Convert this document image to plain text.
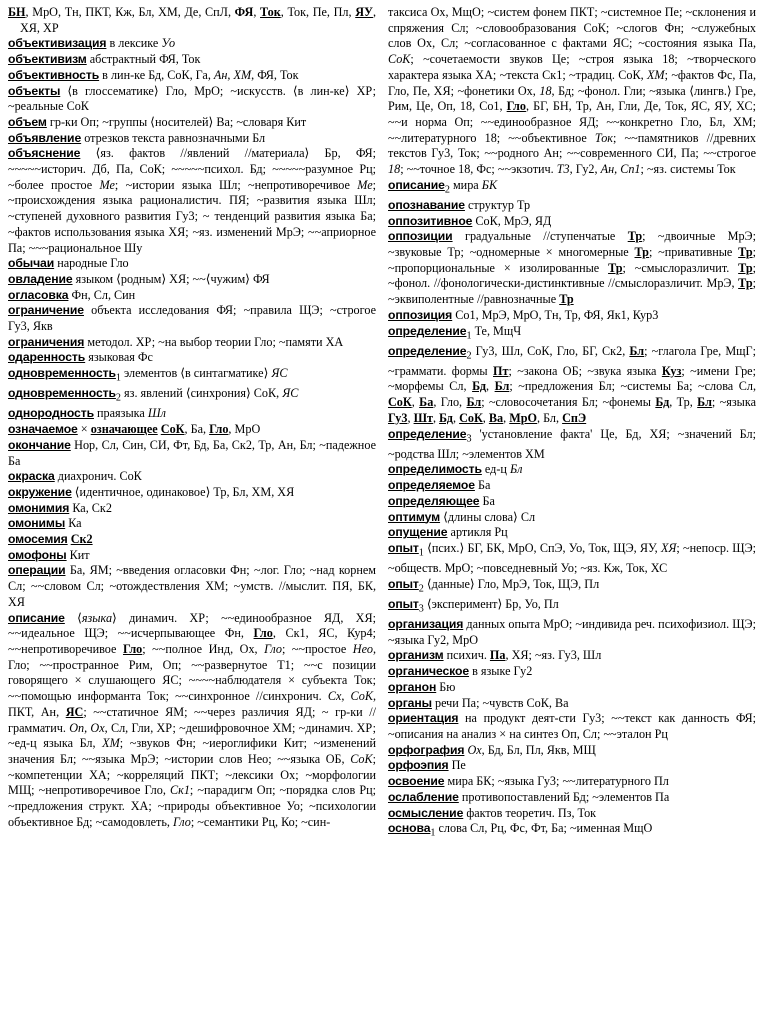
БН, МрО, Тн, ПКТ, Кж, Бл, ХМ, Де, СпЛ, ФЯ, Ток, Ток, Пе, Пл, ЯУ, ХЯ, ХР

объективизация в лексике Уо

объективизм абстрактный ФЯ, Ток

объективность в лин-ке Бд, СоК, Га, Ан, ХМ, ФЯ, Ток

объекты ⟨в глоссематике⟩ Гло, МрО; ~искусств. ⟨в лин-ке⟩ ХР; ~реальные СоК

объем гр-ки Оп; ~группы ⟨носителей⟩ Ва; ~словаря Кит

объявление отрезков текста равнозначными Бл

объяснение ⟨яз. фактов //явлений //материала⟩ Бр, ФЯ; ~~~~~историч. Дб, Па, СоК; ~~~~~психол. Бд; ~~~~~разумное Рц; ~более простое Ме; ~истории языка Шл; ~непротиворечивое Ме; ~происхождения языка рационалистич. ПЯ; ~развития языка Шл; ~ступеней духовного развития Гу3; ~ тенденций развития языка Ба; ~фактов использования языка ХЯ; ~яз. изменений МрЭ; ~~априорное Па; ~~~рациональное Шу

обычаи народные Гло

овладение языком ⟨родным⟩ ХЯ; ~~⟨чужим⟩ ФЯ

огласовка Фн, Сл, Син

ограничение объекта исследования ФЯ; ~правила ЩЭ; ~строгое Гу3, Якв

ограничения методол. ХР; ~на выбор теории Гло; ~памяти ХА

одаренность языковая Фс

одновременность$_1$ элементов ⟨в синтагматике⟩ ЯС

одновременность$_2$ яз. явлений ⟨синхрония⟩ СоК, ЯС

однородность праязыка Шл

означаемое × означающее СоК, Ба, Гло, МрО

окончание Нор, Сл, Син, СИ, Фт, Бд, Ба, Ск2, Тр, Ан, Бл; ~падежное Ба

окраска диахронич. СоК

окружение ⟨идентичное, одинаковое⟩ Тр, Бл, ХМ, ХЯ

омонимия Ка, Ск2

омонимы Ка

омосемия Ск2

омофоны Кит

операции Ба, ЯМ; ~введения огласовки Фн; ~лог. Гло; ~над корнем Сл; ~~словом Сл; ~отождествления ХМ; ~умств. //мыслит. ПЯ, БК, ХЯ

описание ⟨языка⟩ динамич. ХР; ~~единообразное ЯД, ХЯ; ~~идеальное ЩЭ; ~~исчерпывающее Фн, Гло, Ск1, ЯС, Кур4; ~~непротиворечивое Гло; ~~полное Инд, Ох, Гло; ~~простое Нео, Гло; ~~пространное Рим, Оп; ~~развернутое Т1; ~~с позиции говорящего × слушающего ЯС; ~~~~наблюдателя × субъекта Ток; ~~помощью информанта Ток; ~~синхронное //синхронич. Сх, СоК, ПКТ, Ан, ЯС; ~~статичное ЯМ; ~~через различия ЯД; ~ гр-ки //грамматич. Оп, Ох, Сл, Гли, ХР; ~дешифровочное ХМ; ~динамич. ХР; ~ед-ц языка Бл, ХМ; ~звуков Фн; ~иероглифики Кит; ~изменений значения Бл; ~~языка МрЭ; ~истории слов Нео; ~~языка ОБ, СоК; ~компетенции ХА; ~корреляций ПКТ; ~лексики Ох; ~морфологии МЩ; ~непротиворечивое Гло, Ск1; ~парадигм Оп; ~порядка слов Рц; ~предложения структ. ХА; ~природы объективное Уо; ~психологии объективное Бд; ~самодовлеть, Гло; ~семантики Рц, Ко; ~син-

таксиса Ох, МщО; ~систем фонем ПКТ; ~системное Пе; ~склонения и спряжения Сл; ~словообразования СоК; ~слогов Фн; ~служебных слов Ох, Сл; ~согласованное с фактами ЯС; ~состояния языка Па, СоК; ~сочетаемости звуков Це; ~строя языка 18; ~творческого характера языка ХА; ~текста Ск1; ~традиц. СоК, ХМ; ~фактов Фс, Па, Гло, Пе, ХЯ; ~фонетики Ох, 18, Бд; ~фонол. Гли; ~языка ⟨лингв.⟩ Гре, Рим, Це, Оп, 18, Со1, Гло, БГ, БН, Тр, Ан, Гли, Де, Ток, ЯС, ЯУ, ХС; ~~и норма Оп; ~~единообразное ЯД; ~~конкретно Гло, Бл, ХМ; ~~литературного 18; ~~объективное Ток; ~~памятников //древних текстов Гу3, Ток; ~~родного Ан; ~~современного СИ, Па; ~~строгое 18; ~~точное 18, Фс; ~~экзотич. Т3, Гу2, Ан, Сп1; ~яз. системы Ток

описание$_2$ мира БК

опознавание структур Тр

оппозитивное СоК, МрЭ, ЯД

оппозиции градуальные //ступенчатые Тр; ~двоичные МрЭ; ~звуковые Тр; ~одномерные × многомерные Тр; ~привативные Тр; ~пропорциональные × изолированные Тр; ~смыслоразличит. Тр; ~фонол. //фонологически-дистинктивные //смыслоразличит. МрЭ, Тр; ~эквиполентные //равнозначные Тр

оппозиция Со1, МрЭ, МрО, Тн, Тр, ФЯ, Як1, Кур3

определение$_1$ Те, МщЧ

определение$_2$ Гу3, Шл, СоК, Гло, БГ, Ск2, Бл; ~глагола Гре, МщГ; ~граммати. формы Пт; ~закона ОБ; ~звука языка Куз; ~имени Гре; ~морфемы Сл, Бд, Бл; ~предложения Бл; ~системы Ба; ~слова Сл, СоК, Ба, Гло, Бл; ~словосочетания Бл; ~фонемы Бд, Тр, Бл; ~языка Гу3, Шт, Бд, СоК, Ва, МрО, Бл, СпЭ

определение$_3$ 'установление факта' Це, Бд, ХЯ; ~значений Бл; ~родства Шл; ~элементов ХМ

определимость ед-ц Бл

определяемое Ба

определяющее Ба

оптимум ⟨длины слова⟩ Сл

опущение артикля Рц

опыт$_1$ ⟨псих.⟩ БГ, БК, МрО, СпЭ, Уо, Ток, ЩЭ, ЯУ, ХЯ; ~непоср. ЩЭ; ~обществ. МрО; ~повседневный Уо; ~яз. Кж, Ток, ХС

опыт$_2$ ⟨данные⟩ Гло, МрЭ, Ток, ЩЭ, Пл

опыт$_3$ ⟨эксперимент⟩ Бр, Уо, Пл

организация данных опыта МрО; ~индивида реч. психофизиол. ЩЭ; ~языка Гу2, МрО

организм психич. Па, ХЯ; ~яз. Гу3, Шл

органическое в языке Гу2

органон Бю

органы речи Па; ~чувств СоК, Ва

ориентация на продукт деят-сти Гу3; ~~текст как данность ФЯ; ~описания на анализ × на синтез Оп, Сл; ~~эталон Рц

орфография Ох, Бд, Бл, Пл, Якв, МЩ

орфоэпия Пе

освоение мира БК; ~языка Гу3; ~~литературного Пл

ослабление противопоставлений Бд; ~элементов Па

осмысление фактов теоретич. Пз, Ток

основа$_1$ слова Сл, Рц, Фс, Фт, Ба; ~именная МщО
